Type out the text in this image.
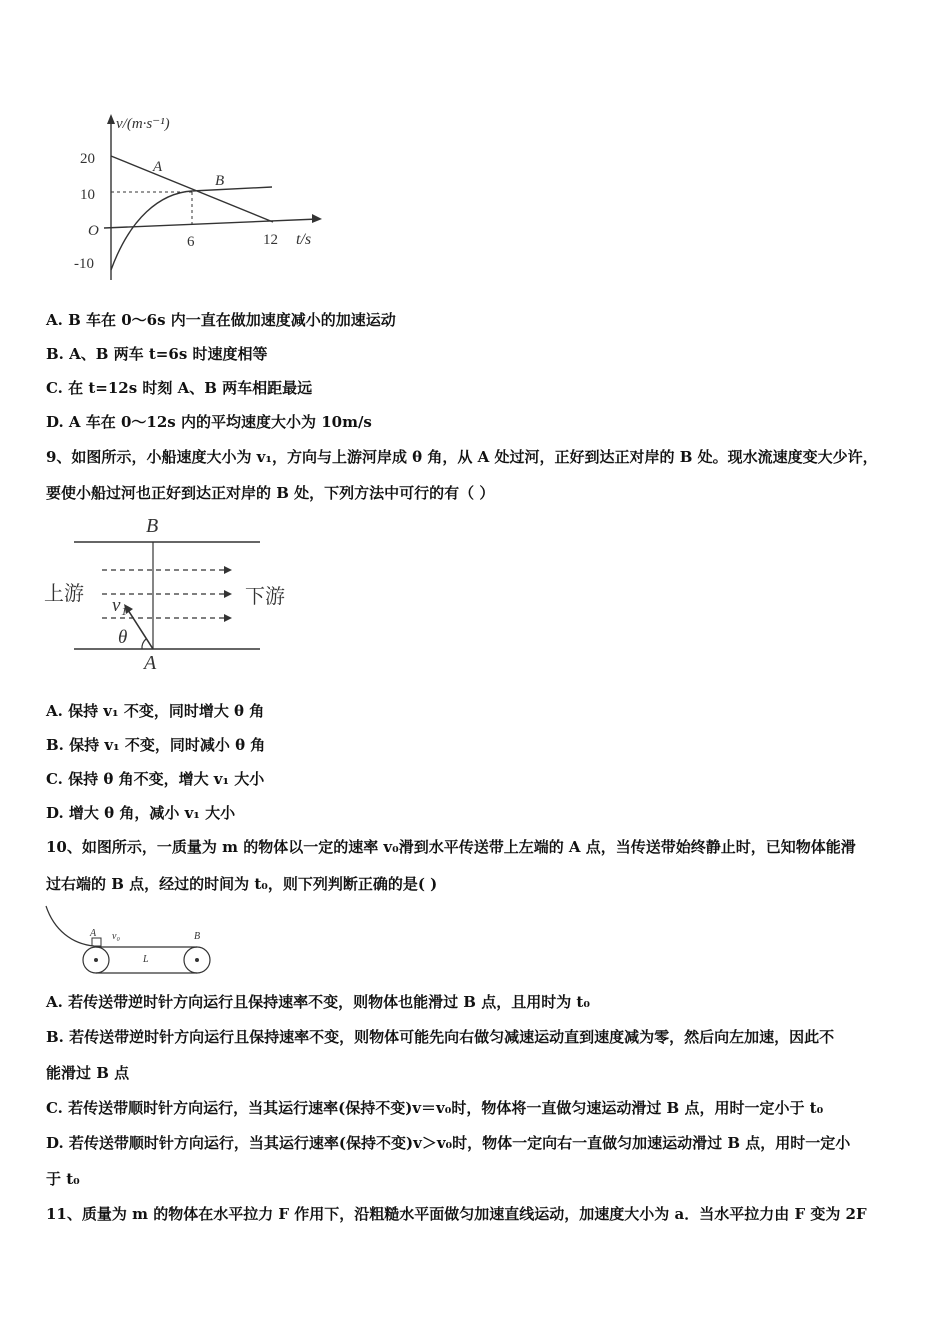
v/(m·s⁻¹)
20
10
O
-10
6	12 t/s
A
B
A. B 车在 0～6s 内一直在做加速度减小的加速运动
B. A、B 两车 t=6s 时速度相等
C. 在 t=12s 时刻 A、B 两车相距最远
D. A 车在 0～12s 内的平均速度大小为 10m/s
9、如图所示，小船速度大小为 v₁，方向与上游河岸成 θ 角，从 A 处过河，正好到达正对岸的 B 处。现水流速度变大少许，
要使小船过河也正好到达正对岸的 B 处，下列方法中可行的有（ ）
B
A
上游	下游
v₁
θ
A. 保持 v₁ 不变，同时增大 θ 角
B. 保持 v₁ 不变，同时减小 θ 角
C. 保持 θ 角不变，增大 v₁ 大小
D. 增大 θ 角，减小 v₁ 大小
10、如图所示，一质量为 m 的物体以一定的速率 v₀滑到水平传送带上左端的 A 点，当传送带始终静止时，已知物体能滑
过右端的 B 点，经过的时间为 t₀，则下列判断正确的是( )
A v₀	B
L
A. 若传送带逆时针方向运行且保持速率不变，则物体也能滑过 B 点，且用时为 t₀
B. 若传送带逆时针方向运行且保持速率不变，则物体可能先向右做匀减速运动直到速度减为零，然后向左加速，因此不
能滑过 B 点
C. 若传送带顺时针方向运行，当其运行速率(保持不变)v＝v₀时，物体将一直做匀速运动滑过 B 点，用时一定小于 t₀
D. 若传送带顺时针方向运行，当其运行速率(保持不变)v＞v₀时，物体一定向右一直做匀加速运动滑过 B 点，用时一定小
于 t₀
11、质量为 m 的物体在水平拉力 F 作用下，沿粗糙水平面做匀加速直线运动，加速度大小为 a．当水平拉力由 F 变为 2F
